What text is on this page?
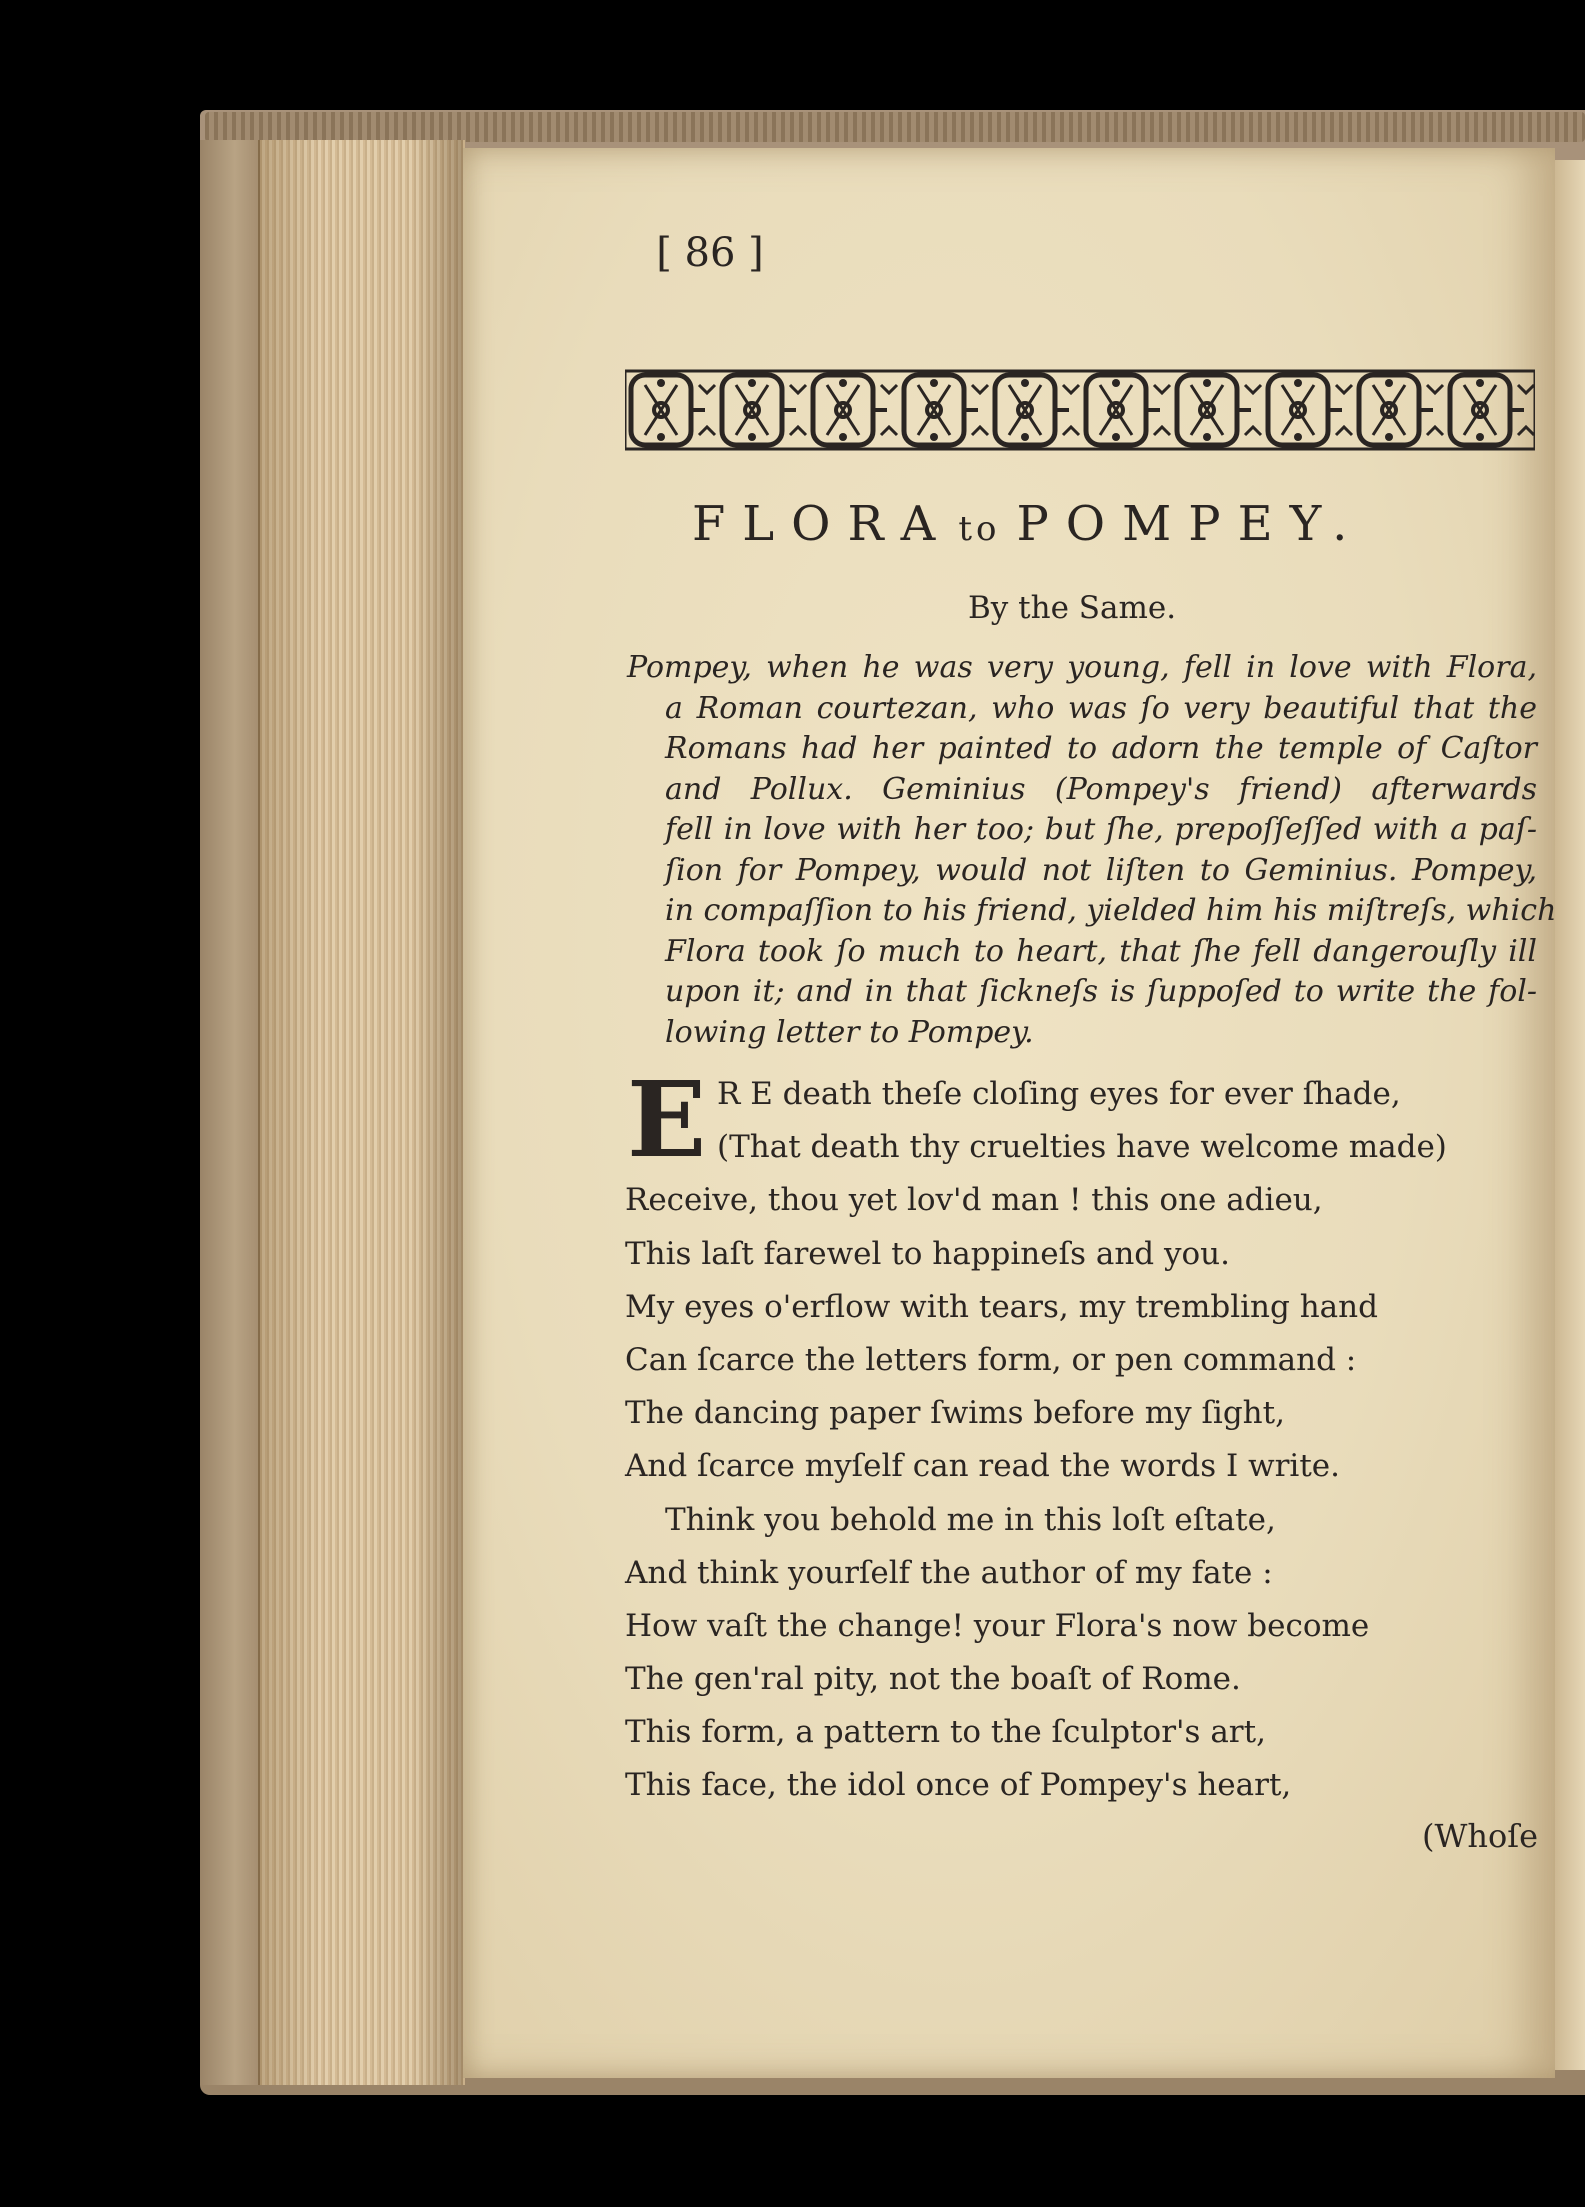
[ 86 ]
FLORA to POMPEY.
By the Same.
Pompey, when he was very young, fell in love with Flora,
a Roman courtezan, who was ſo very beautiful that the
Romans had her painted to adorn the temple of Caſtor
and Pollux. Geminius (Pompey's friend) afterwards
fell in love with her too; but ſhe, prepoſſeſſed with a paſ-
ſion for Pompey, would not liſten to Geminius. Pompey,
in compaſſion to his friend, yielded him his miſtreſs, which
Flora took ſo much to heart, that ſhe fell dangerouſly ill
upon it; and in that ſickneſs is ſuppoſed to write the fol-
lowing letter to Pompey.
E R E death theſe cloſing eyes for ever ſhade,
(That death thy cruelties have welcome made)
Receive, thou yet lov'd man ! this one adieu,
This laſt farewel to happineſs and you.
My eyes o'erflow with tears, my trembling hand
Can ſcarce the letters form, or pen command :
The dancing paper ſwims before my ſight,
And ſcarce myſelf can read the words I write.
Think you behold me in this loſt eſtate,
And think yourſelf the author of my fate :
How vaſt the change! your Flora's now become
The gen'ral pity, not the boaſt of Rome.
This form, a pattern to the ſculptor's art,
This face, the idol once of Pompey's heart,
(Whoſe
